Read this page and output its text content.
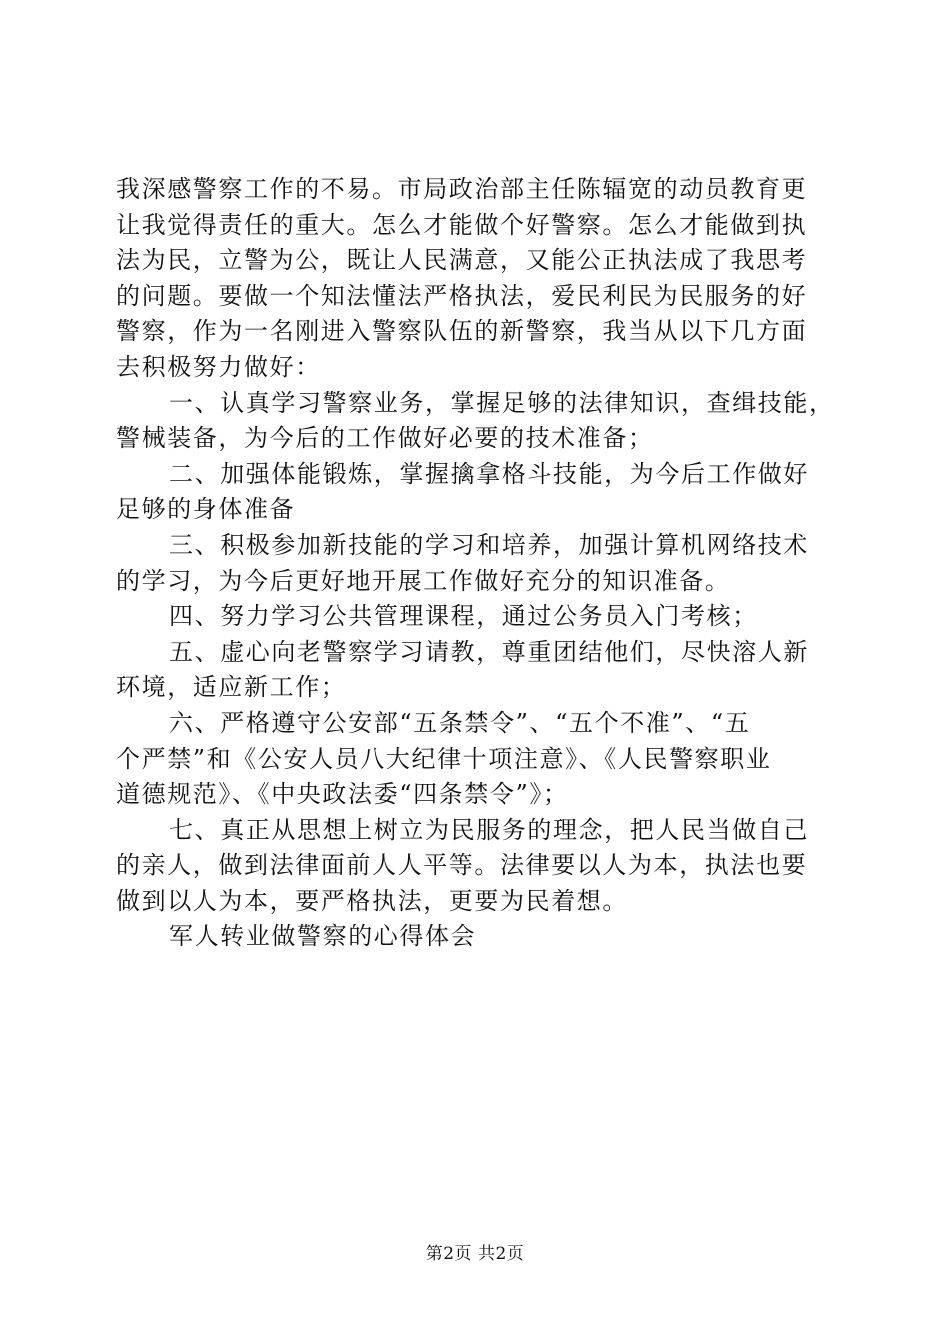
我深感警察工作的不易。市局政治部主任陈辐宽的动员教育更
让我觉得责任的重大。怎么才能做个好警察。怎么才能做到执
法为民，立警为公，既让人民满意，又能公正执法成了我思考
的问题。要做一个知法懂法严格执法，爱民利民为民服务的好
警察，作为一名刚进入警察队伍的新警察，我当从以下几方面
去积极努力做好：
一、认真学习警察业务，掌握足够的法律知识，查缉技能，
警械装备，为今后的工作做好必要的技术准备；
二、加强体能锻炼，掌握擒拿格斗技能，为今后工作做好
足够的身体准备
三、积极参加新技能的学习和培养，加强计算机网络技术
的学习，为今后更好地开展工作做好充分的知识准备。
四、努力学习公共管理课程，通过公务员入门考核；
五、虚心向老警察学习请教，尊重团结他们，尽快溶人新
环境，适应新工作；
六、严格遵守公安部“五条禁令”、“五个不准”、“五
个严禁”和《公安人员八大纪律十项注意》、《人民警察职业
道德规范》、《中央政法委“四条禁令”》；
七、真正从思想上树立为民服务的理念，把人民当做自己
的亲人，做到法律面前人人平等。法律要以人为本，执法也要
做到以人为本，要严格执法，更要为民着想。
军人转业做警察的心得体会
第2页 共2页
